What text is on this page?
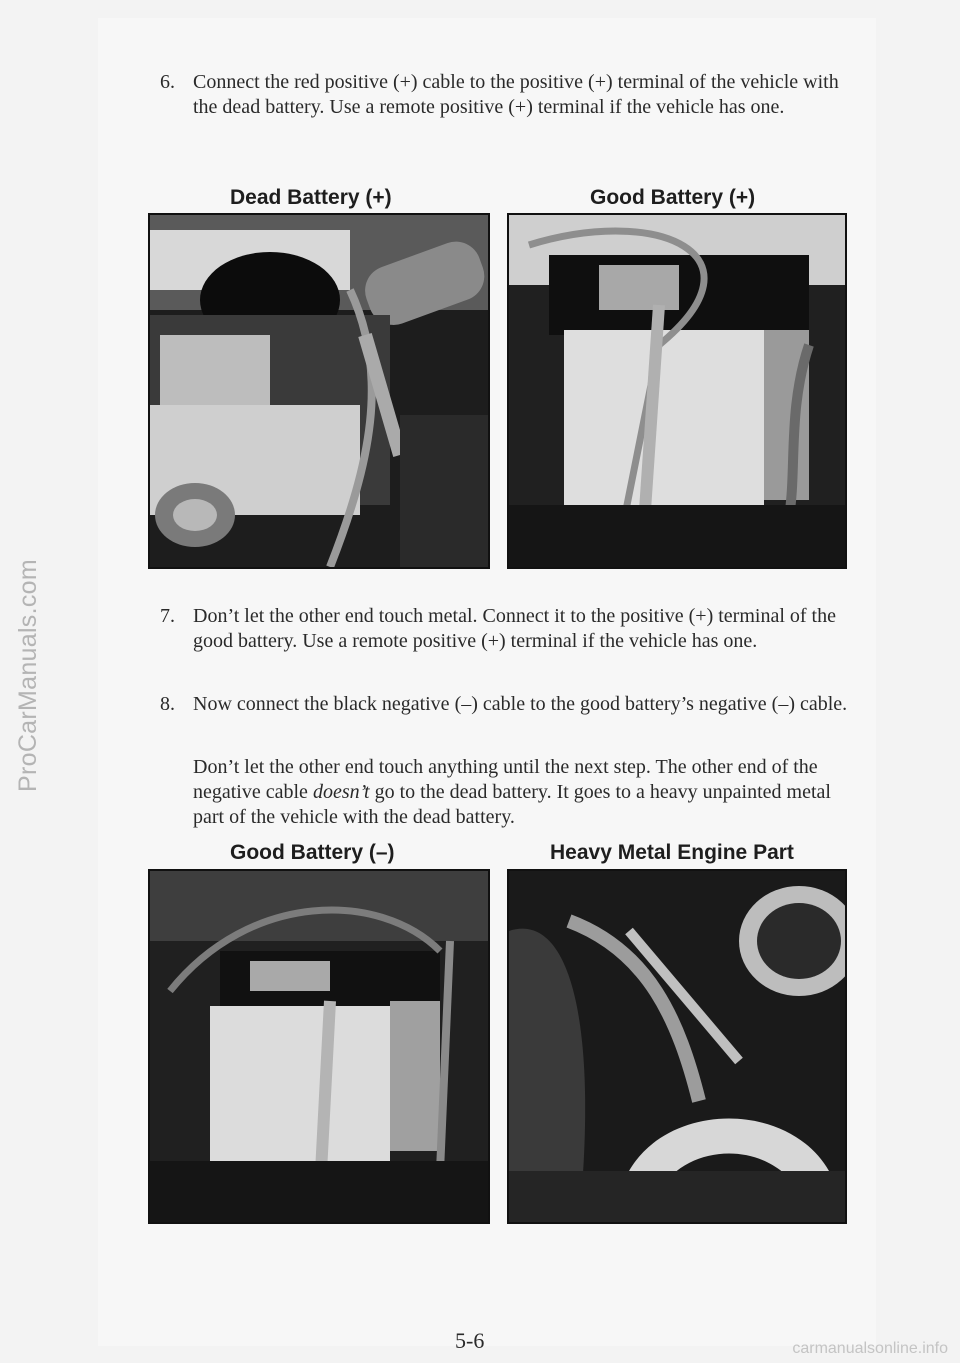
ProCarManuals.com
6. Connect the red positive (+) cable to the positive (+) terminal of the vehicle with the dead battery. Use a remote positive (+) terminal if the vehicle has one.
Dead Battery (+)	Good Battery (+)
7. Don’t let the other end touch metal. Connect it to the positive (+) terminal of the good battery. Use a remote positive (+) terminal if the vehicle has one.
8. Now connect the black negative (–) cable to the good battery’s negative (–) cable.

Don’t let the other end touch anything until the next step. The other end of the negative cable doesn’t go to the dead battery. It goes to a heavy unpainted metal part of the vehicle with the dead battery.

Good Battery (–)	Heavy Metal Engine Part
5-6	carmanualsonline.info
